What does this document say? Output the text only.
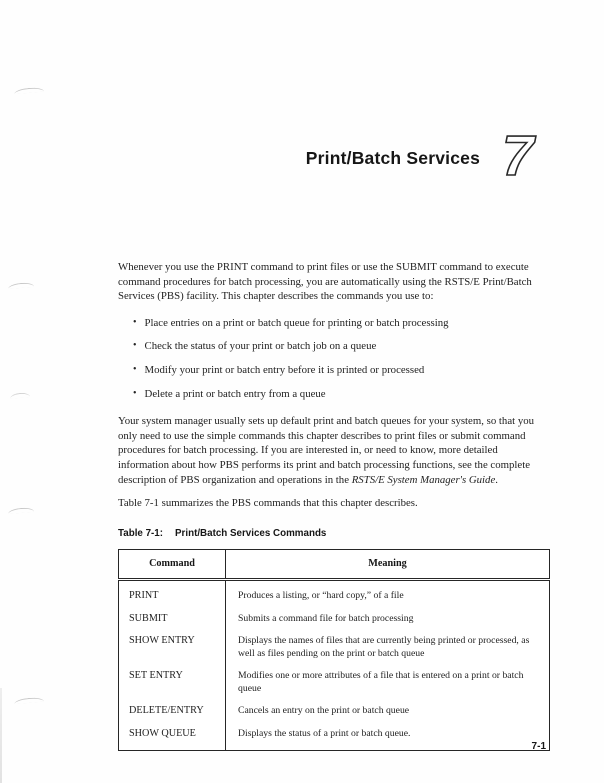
Print/Batch Services 7

Whenever you use the PRINT command to print files or use the SUBMIT command to execute command procedures for batch processing, you are automatically using the RSTS/E Print/Batch Services (PBS) facility. This chapter describes the commands you use to:

• Place entries on a print or batch queue for printing or batch processing
• Check the status of your print or batch job on a queue
• Modify your print or batch entry before it is printed or processed
• Delete a print or batch entry from a queue

Your system manager usually sets up default print and batch queues for your system, so that you only need to use the simple commands this chapter describes to print files or submit command procedures for batch processing. If you are interested in, or need to know, more detailed information about how PBS performs its print and batch processing functions, see the complete description of PBS organization and operations in the RSTS/E System Manager's Guide.

Table 7-1 summarizes the PBS commands that this chapter describes.

Table 7-1: Print/Batch Services Commands
Command	Meaning
PRINT	Produces a listing, or “hard copy,” of a file
SUBMIT	Submits a command file for batch processing
SHOW ENTRY	Displays the names of files that are currently being printed or processed, as well as files pending on the print or batch queue
SET ENTRY	Modifies one or more attributes of a file that is entered on a print or batch queue
DELETE/ENTRY	Cancels an entry on the print or batch queue
SHOW QUEUE	Displays the status of a print or batch queue.
7-1
